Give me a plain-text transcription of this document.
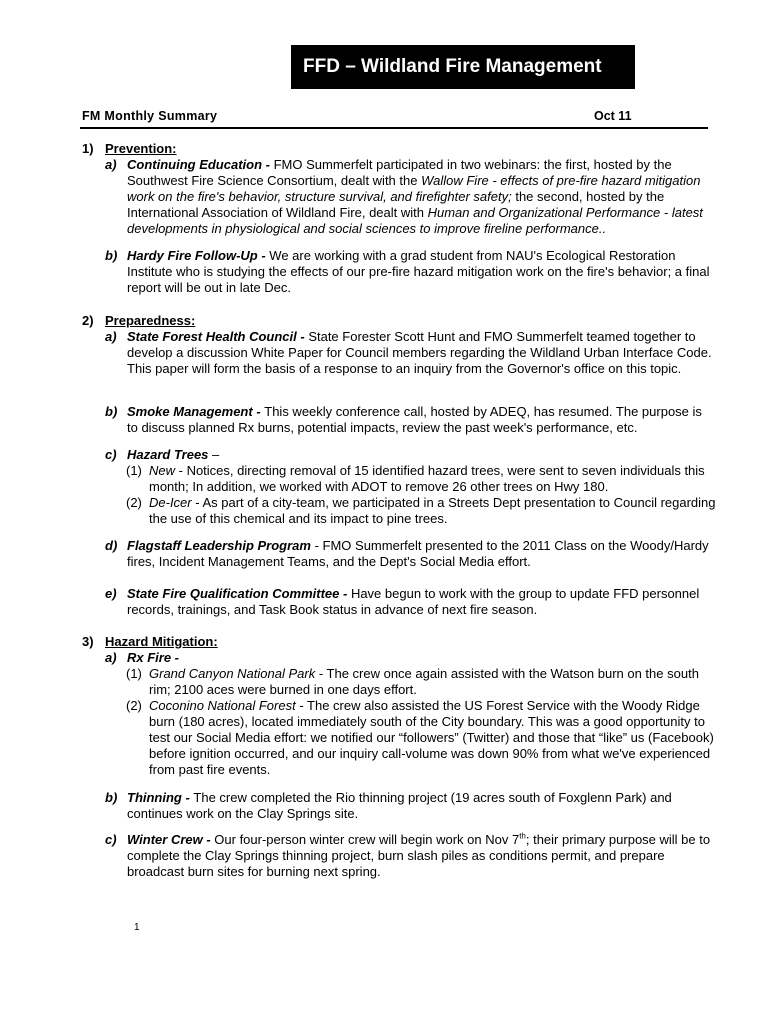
FFD – Wildland Fire Management
FM Monthly Summary	Oct 11
1) Prevention:
a) Continuing Education - FMO Summerfelt participated in two webinars: the first, hosted by the Southwest Fire Science Consortium, dealt with the Wallow Fire - effects of pre-fire hazard mitigation work on the fire's behavior, structure survival, and firefighter safety; the second, hosted by the International Association of Wildland Fire, dealt with Human and Organizational Performance - latest developments in physiological and social sciences to improve fireline performance..
b) Hardy Fire Follow-Up - We are working with a grad student from NAU's Ecological Restoration Institute who is studying the effects of our pre-fire hazard mitigation work on the fire's behavior; a final report will be out in late Dec.
2) Preparedness:
a) State Forest Health Council - State Forester Scott Hunt and FMO Summerfelt teamed together to develop a discussion White Paper for Council members regarding the Wildland Urban Interface Code. This paper will form the basis of a response to an inquiry from the Governor's office on this topic.
b) Smoke Management - This weekly conference call, hosted by ADEQ, has resumed. The purpose is to discuss planned Rx burns, potential impacts, review the past week's performance, etc.
c) Hazard Trees –
(1) New - Notices, directing removal of 15 identified hazard trees, were sent to seven individuals this month; In addition, we worked with ADOT to remove 26 other trees on Hwy 180.
(2) De-Icer - As part of a city-team, we participated in a Streets Dept presentation to Council regarding the use of this chemical and its impact to pine trees.
d) Flagstaff Leadership Program - FMO Summerfelt presented to the 2011 Class on the Woody/Hardy fires, Incident Management Teams, and the Dept's Social Media effort.
e) State Fire Qualification Committee - Have begun to work with the group to update FFD personnel records, trainings, and Task Book status in advance of next fire season.
3) Hazard Mitigation:
a) Rx Fire -
(1) Grand Canyon National Park - The crew once again assisted with the Watson burn on the south rim; 2100 aces were burned in one days effort.
(2) Coconino National Forest - The crew also assisted the US Forest Service with the Woody Ridge burn (180 acres), located immediately south of the City boundary. This was a good opportunity to test our Social Media effort: we notified our “followers” (Twitter) and those that “like” us (Facebook) before ignition occurred, and our inquiry call-volume was down 90% from what we've experienced from past fire events.
b) Thinning - The crew completed the Rio thinning project (19 acres south of Foxglenn Park) and continues work on the Clay Springs site.
c) Winter Crew - Our four-person winter crew will begin work on Nov 7th; their primary purpose will be to complete the Clay Springs thinning project, burn slash piles as conditions permit, and prepare broadcast burn sites for burning next spring.
1
